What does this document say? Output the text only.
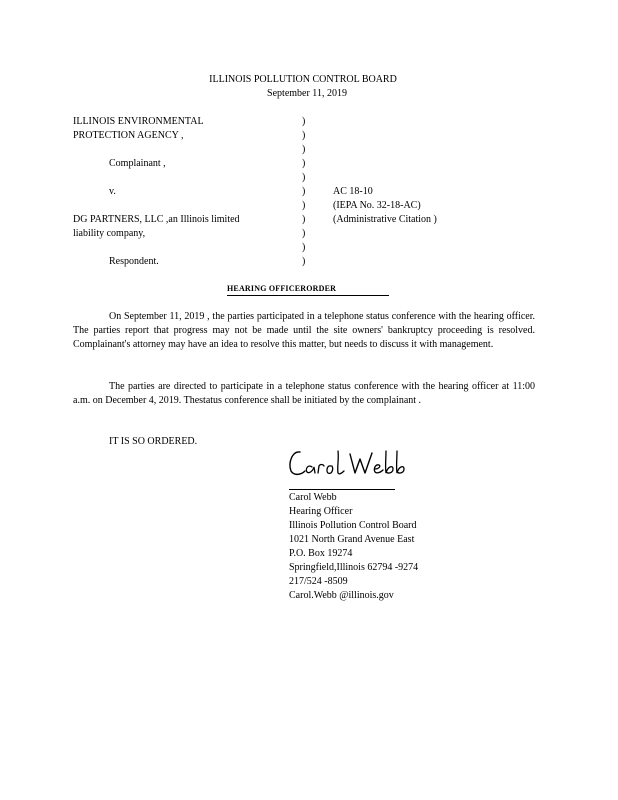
ILLINOIS POLLUTION CONTROL BOARD
September 11, 2019
ILLINOIS ENVIRONMENTAL
PROTECTION AGENCY ,
Complainant ,
v.
DG PARTNERS, LLC ,an Illinois limited
liability company,
Respondent.
)
)
)
)
)
)
)
)
)
)
)
AC 18-10
(IEPA No. 32-18-AC)
(Administrative Citation )
HEARING OFFICERORDER
On September 11, 2019 , the parties participated in a telephone status conference with the hearing officer. The parties report that progress may not be made until the site owners' bankruptcy proceeding is resolved. Complainant's attorney may have an idea to resolve this matter, but needs to discuss it with management.
The parties are directed to participate in a telephone status conference with the hearing officer at 11:00 a.m. on December 4, 2019. Thestatus conference shall be initiated by the complainant .
IT IS SO ORDERED.
Carol Webb
Hearing Officer
Illinois Pollution Control Board
1021 North Grand Avenue East
P.O. Box 19274
Springfield,Illinois 62794 -9274
217/524 -8509
Carol.Webb @illinois.gov
